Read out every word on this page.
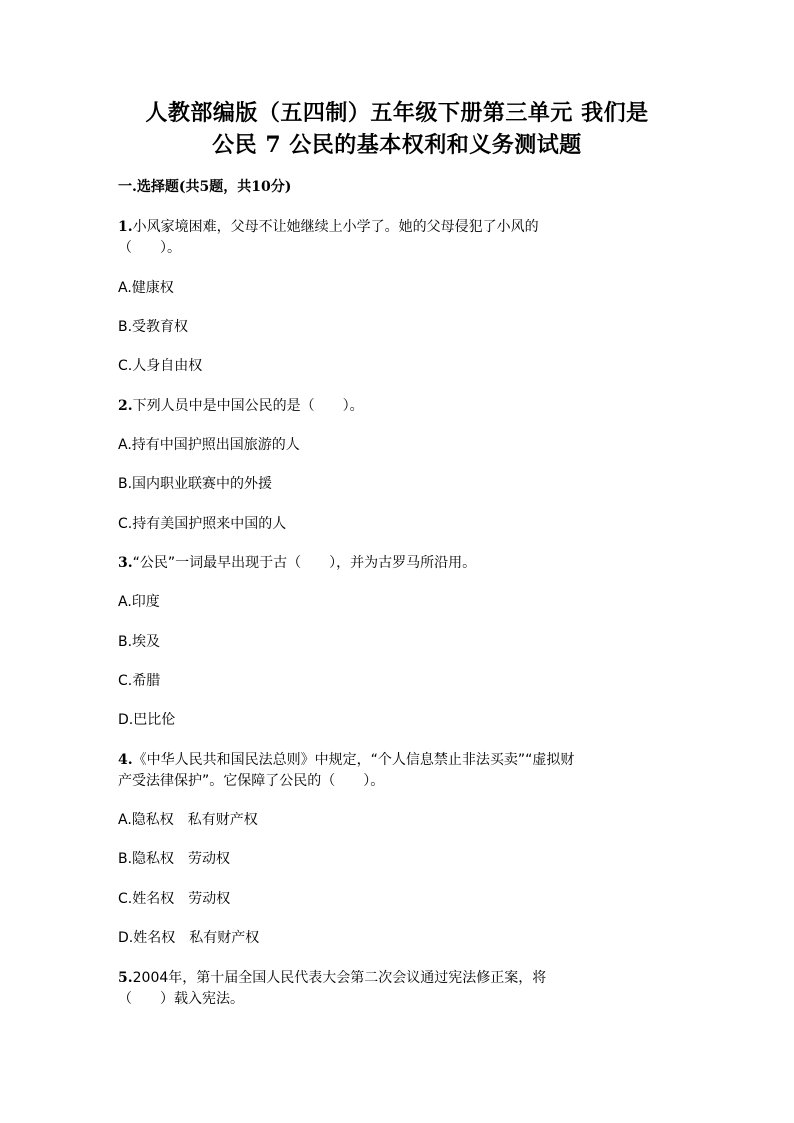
人教部编版（五四制）五年级下册第三单元 我们是
公民 7 公民的基本权利和义务测试题
一.选择题(共5题，共10分)
1.小风家境困难，父母不让她继续上小学了。她的父母侵犯了小风的
（　　）。
A.健康权
B.受教育权
C.人身自由权
2.下列人员中是中国公民的是（　　）。
A.持有中国护照出国旅游的人
B.国内职业联赛中的外援
C.持有美国护照来中国的人
3.“公民”一词最早出现于古（　　），并为古罗马所沿用。
A.印度
B.埃及
C.希腊
D.巴比伦
4.《中华人民共和国民法总则》中规定，“个人信息禁止非法买卖”“虚拟财
产受法律保护”。它保障了公民的（　　）。
A.隐私权　私有财产权
B.隐私权　劳动权
C.姓名权　劳动权
D.姓名权　私有财产权
5.2004年，第十届全国人民代表大会第二次会议通过宪法修正案，将
（　　）载入宪法。
